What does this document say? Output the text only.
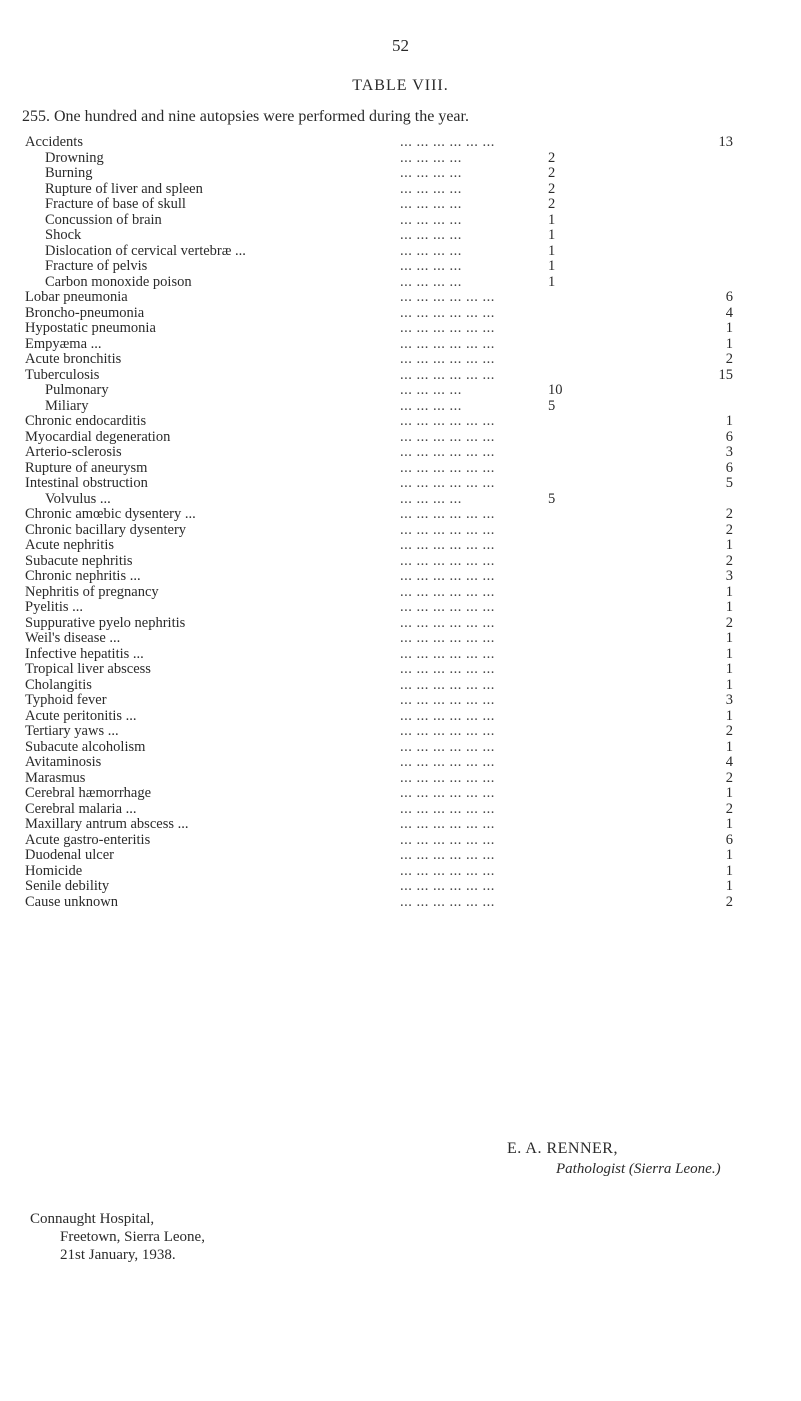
52
TABLE VIII.
255. One hundred and nine autopsies were performed during the year.
Accidents	... ... ... ... ... ...	13
Drowning	... ... ... ...	2
Burning	... ... ... ...	2
Rupture of liver and spleen	... ... ... ...	2
Fracture of base of skull	... ... ... ...	2
Concussion of brain	... ... ... ...	1
Shock	... ... ... ...	1
Dislocation of cervical vertebræ ...	... ... ... ...	1
Fracture of pelvis	... ... ... ...	1
Carbon monoxide poison	... ... ... ...	1
Lobar pneumonia	... ... ... ... ... ...	6
Broncho-pneumonia	... ... ... ... ... ...	4
Hypostatic pneumonia	... ... ... ... ... ...	1
Empyæma ...	... ... ... ... ... ...	1
Acute bronchitis	... ... ... ... ... ...	2
Tuberculosis	... ... ... ... ... ...	15
Pulmonary	... ... ... ...	10
Miliary	... ... ... ...	5
Chronic endocarditis	... ... ... ... ... ...	1
Myocardial degeneration	... ... ... ... ... ...	6
Arterio-sclerosis	... ... ... ... ... ...	3
Rupture of aneurysm	... ... ... ... ... ...	6
Intestinal obstruction	... ... ... ... ... ...	5
Volvulus ...	... ... ... ...	5
Chronic amœbic dysentery ...	... ... ... ... ... ...	2
Chronic bacillary dysentery	... ... ... ... ... ...	2
Acute nephritis	... ... ... ... ... ...	1
Subacute nephritis	... ... ... ... ... ...	2
Chronic nephritis ...	... ... ... ... ... ...	3
Nephritis of pregnancy	... ... ... ... ... ...	1
Pyelitis ...	... ... ... ... ... ...	1
Suppurative pyelo nephritis	... ... ... ... ... ...	2
Weil's disease ...	... ... ... ... ... ...	1
Infective hepatitis ...	... ... ... ... ... ...	1
Tropical liver abscess	... ... ... ... ... ...	1
Cholangitis	... ... ... ... ... ...	1
Typhoid fever	... ... ... ... ... ...	3
Acute peritonitis ...	... ... ... ... ... ...	1
Tertiary yaws ...	... ... ... ... ... ...	2
Subacute alcoholism	... ... ... ... ... ...	1
Avitaminosis	... ... ... ... ... ...	4
Marasmus	... ... ... ... ... ...	2
Cerebral hæmorrhage	... ... ... ... ... ...	1
Cerebral malaria ...	... ... ... ... ... ...	2
Maxillary antrum abscess ...	... ... ... ... ... ...	1
Acute gastro-enteritis	... ... ... ... ... ...	6
Duodenal ulcer	... ... ... ... ... ...	1
Homicide	... ... ... ... ... ...	1
Senile debility	... ... ... ... ... ...	1
Cause unknown	... ... ... ... ... ...	2
E. A. RENNER,
Pathologist (Sierra Leone.)
Connaught Hospital,
Freetown, Sierra Leone,
21st January, 1938.
